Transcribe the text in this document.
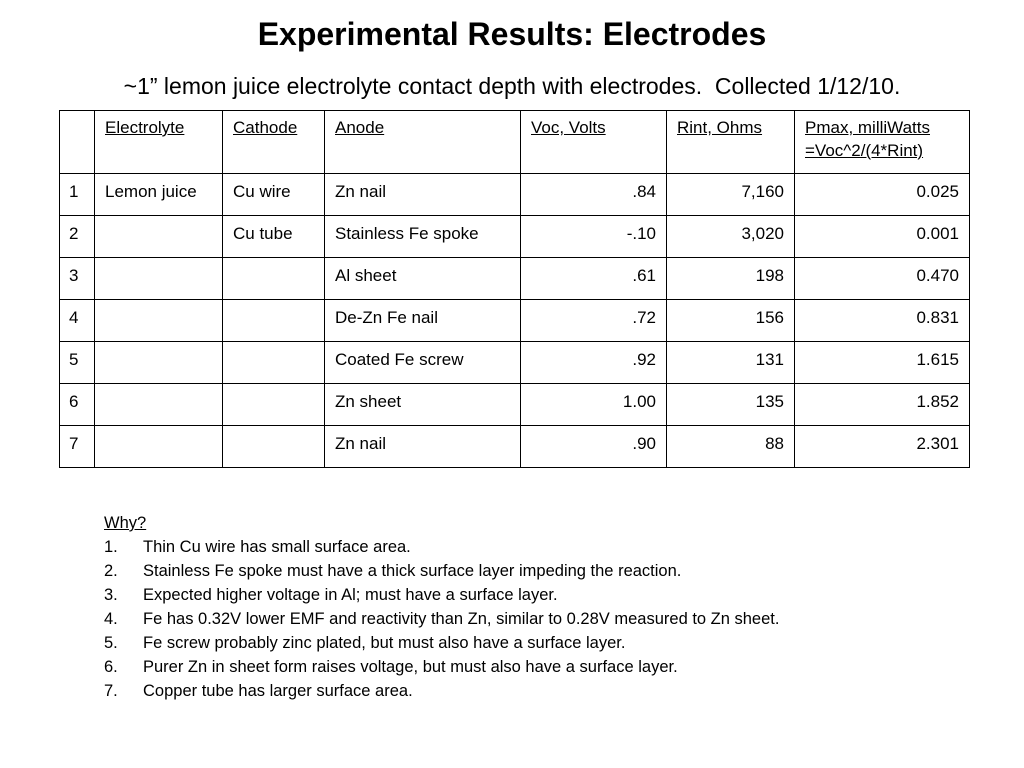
Experimental Results: Electrodes
~1” lemon juice electrolyte contact depth with electrodes.  Collected 1/12/10.
	Electrolyte	Cathode	Anode	Voc, Volts	Rint, Ohms	Pmax, milliWatts
=Voc^2/(4*Rint)
1	Lemon juice	Cu wire	Zn nail	.84	7,160	0.025
2		Cu tube	Stainless Fe spoke	-.10	3,020	0.001
3			Al sheet	.61	198	0.470
4			De-Zn Fe nail	.72	156	0.831
5			Coated Fe screw	.92	131	1.615
6			Zn sheet	1.00	135	1.852
7			Zn nail	.90	88	2.301
Why?
1.	Thin Cu wire has small surface area.
2.	Stainless Fe spoke must have a thick surface layer impeding the reaction.
3.	Expected higher voltage in Al; must have a surface layer.
4.	Fe has 0.32V lower EMF and reactivity than Zn, similar to 0.28V measured to Zn sheet.
5.	Fe screw probably zinc plated, but must also have a surface layer.
6.	Purer Zn in sheet form raises voltage, but must also have a surface layer.
7.	Copper tube has larger surface area.
